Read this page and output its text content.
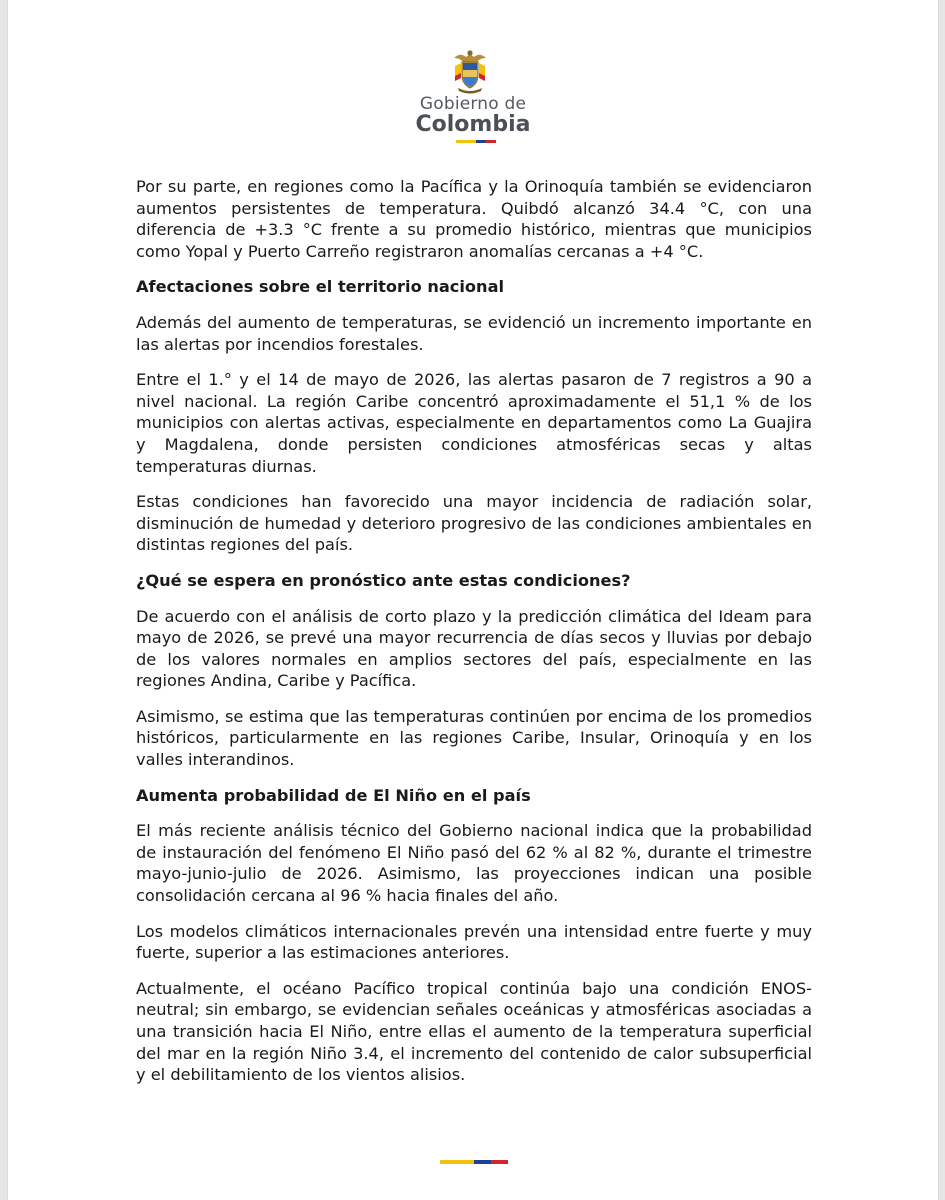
Gobierno de
Colombia

Por su parte, en regiones como la Pacífica y la Orinoquía también se evidenciaron aumentos persistentes de temperatura. Quibdó alcanzó 34.4 °C, con una diferencia de +3.3 °C frente a su promedio histórico, mientras que municipios como Yopal y Puerto Carreño registraron anomalías cercanas a +4 °C.

Afectaciones sobre el territorio nacional

Además del aumento de temperaturas, se evidenció un incremento importante en las alertas por incendios forestales.

Entre el 1.° y el 14 de mayo de 2026, las alertas pasaron de 7 registros a 90 a nivel nacional. La región Caribe concentró aproximadamente el 51,1 % de los municipios con alertas activas, especialmente en departamentos como La Guajira y Magdalena, donde persisten condiciones atmosféricas secas y altas temperaturas diurnas.

Estas condiciones han favorecido una mayor incidencia de radiación solar, disminución de humedad y deterioro progresivo de las condiciones ambientales en distintas regiones del país.

¿Qué se espera en pronóstico ante estas condiciones?

De acuerdo con el análisis de corto plazo y la predicción climática del Ideam para mayo de 2026, se prevé una mayor recurrencia de días secos y lluvias por debajo de los valores normales en amplios sectores del país, especialmente en las regiones Andina, Caribe y Pacífica.

Asimismo, se estima que las temperaturas continúen por encima de los promedios históricos, particularmente en las regiones Caribe, Insular, Orinoquía y en los valles interandinos.

Aumenta probabilidad de El Niño en el país

El más reciente análisis técnico del Gobierno nacional indica que la probabilidad de instauración del fenómeno El Niño pasó del 62 % al 82 %, durante el trimestre mayo-junio-julio de 2026. Asimismo, las proyecciones indican una posible consolidación cercana al 96 % hacia finales del año.

Los modelos climáticos internacionales prevén una intensidad entre fuerte y muy fuerte, superior a las estimaciones anteriores.

Actualmente, el océano Pacífico tropical continúa bajo una condición ENOS-neutral; sin embargo, se evidencian señales oceánicas y atmosféricas asociadas a una transición hacia El Niño, entre ellas el aumento de la temperatura superficial del mar en la región Niño 3.4, el incremento del contenido de calor subsuperficial y el debilitamiento de los vientos alisios.
